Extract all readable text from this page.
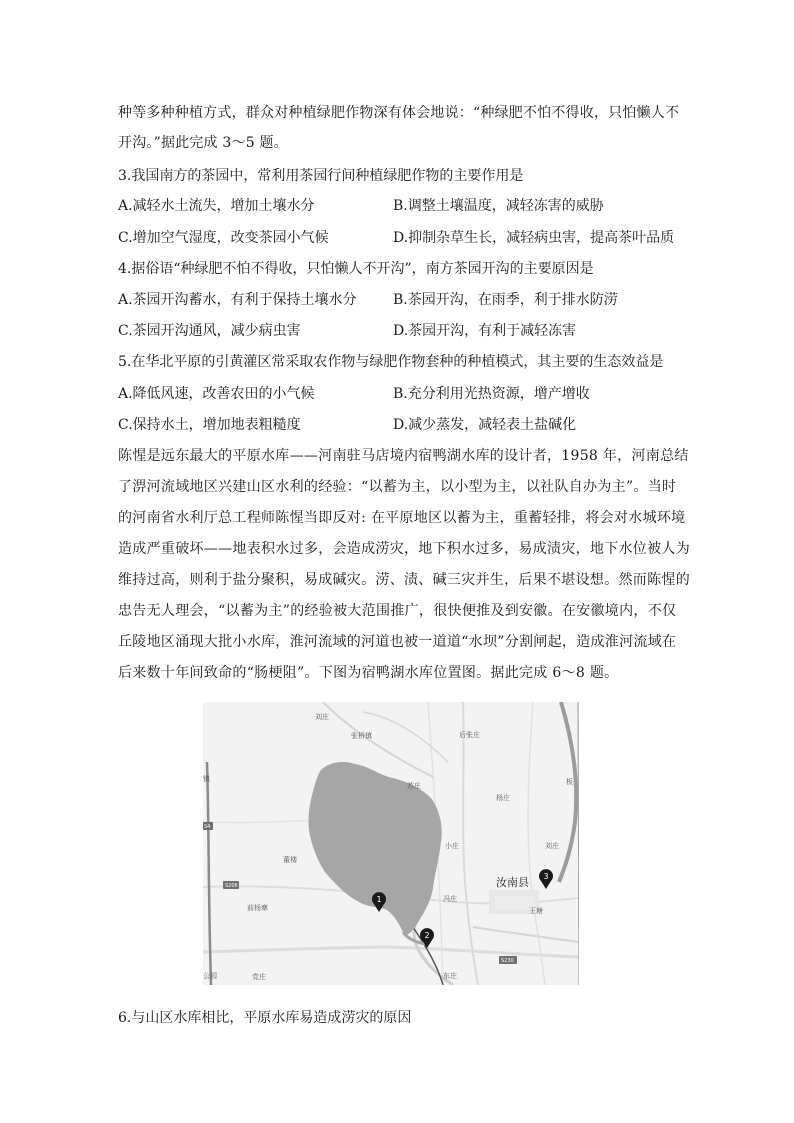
种等多种种植方式，群众对种植绿肥作物深有体会地说：“种绿肥不怕不得收，只怕懒人不
开沟。”据此完成 3～5 题。
3.我国南方的茶园中，常利用茶园行间种植绿肥作物的主要作用是
A.减轻水土流失，增加土壤水分	B.调整土壤温度，减轻冻害的威胁
C.增加空气湿度，改变茶园小气候	D.抑制杂草生长，减轻病虫害，提高茶叶品质
4.据俗语“种绿肥不怕不得收，只怕懒人不开沟”，南方茶园开沟的主要原因是
A.茶园开沟蓄水，有利于保持土壤水分	B.茶园开沟，在雨季，利于排水防涝
C.茶园开沟通风，减少病虫害	D.茶园开沟，有利于减轻冻害
5.在华北平原的引黄灌区常采取农作物与绿肥作物套种的种植模式，其主要的生态效益是
A.降低风速，改善农田的小气候	B.充分利用光热资源，增产增收
C.保持水土，增加地表粗糙度	D.减少蒸发，减轻表土盐碱化
陈惺是远东最大的平原水库——河南驻马店境内宿鸭湖水库的设计者，1958 年，河南总结
了淠河流域地区兴建山区水利的经验：“以蓄为主，以小型为主，以社队自办为主”。当时
的河南省水利厅总工程师陈惺当即反对: 在平原地区以蓄为主，重蓄轻排，将会对水城环境
造成严重破坏——地表积水过多，会造成涝灾，地下积水过多，易成渍灾，地下水位被人为
维持过高，则利于盐分聚积，易成碱灾。涝、渍、碱三灾并生，后果不堪设想。然而陈惺的
忠告无人理会，“以蓄为主”的经验被大范围推广，很快便推及到安徽。在安徽境内，不仅
丘陵地区涌现大批小水库，淮河流域的河道也被一道道“水坝”分割闸起，造成淮河流域在
后来数十年间致命的“肠梗阻”。下图为宿鸭湖水库位置图。据此完成 6～8 题。
S206
S230
S4
刘庄
张桥镇	后张庄
苏庄
杨庄
板
刘庄
镇
董楼
小庄
汝南县
冯庄
王塘
前杨寨
党庄	东庄
公园
1
2
3
6.与山区水库相比，平原水库易造成涝灾的原因
